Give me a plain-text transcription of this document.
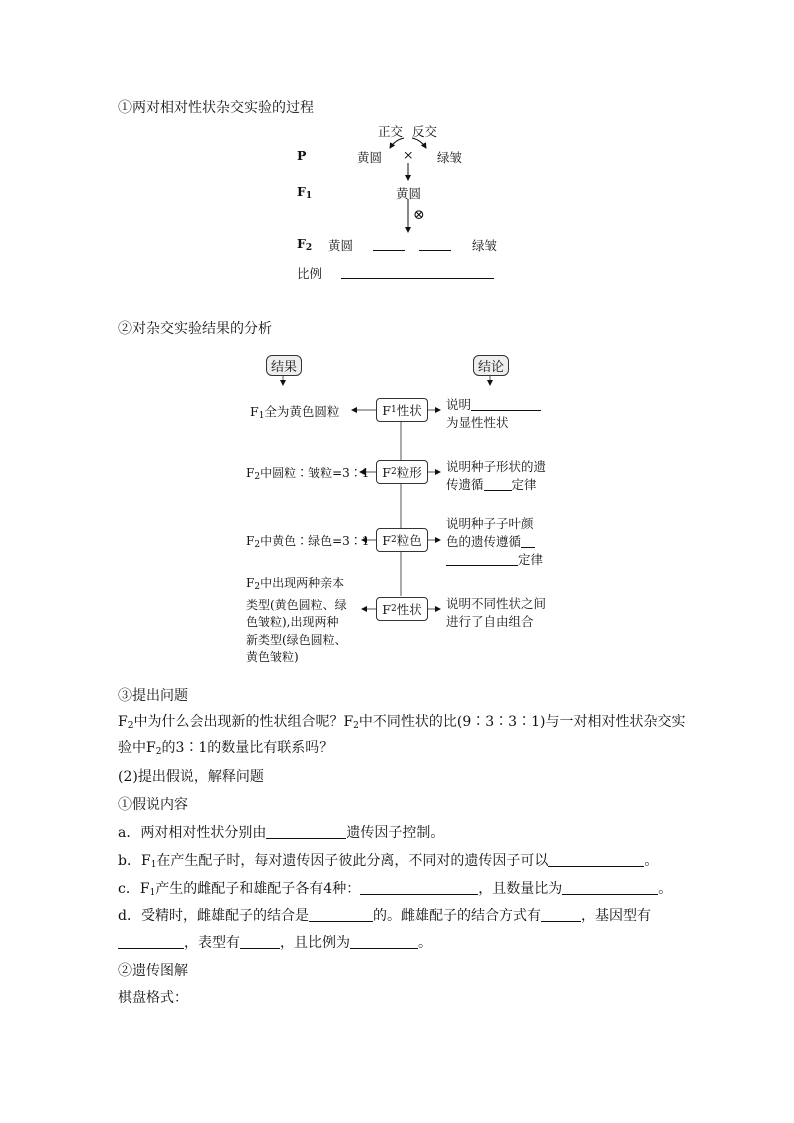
①两对相对性状杂交实验的过程
正交 反交
P	黄圆 × 绿皱
$F_1$	黄圆
⊗
$F_2$ 黄圆	绿皱
比例
②对杂交实验结果的分析
结果	结论
F 1 性状
F 2 粒形
F 2 粒色
F 2 性状
$F_1$全为黄色圆粒
$F_2$中圆粒∶皱粒=3∶1
$F_2$中黄色∶绿色=3∶1
$F_2$中出现两种亲本
类型(黄色圆粒、绿
色皱粒),出现两种
新类型(绿色圆粒、
黄色皱粒)
说明
为显性性状
说明种子形状的遗
传遗循 定律
说明种子子叶颜
色的遗传遵循
定律
说明不同性状之间
进行了自由组合
③提出问题
$F_2$中为什么会出现新的性状组合呢？$F_2$中不同性状的比(9∶3∶3∶1)与一对相对性状杂交实
验中$F_2$的3∶1的数量比有联系吗？
(2)提出假说，解释问题
①假说内容
a．两对相对性状分别由	遗传因子控制。
b．$F_1$在产生配子时，每对遗传因子彼此分离，不同对的遗传因子可以	。
c．$F_1$产生的雌配子和雄配子各有4种：	，且数量比为	。
d．受精时，雌雄配子的结合是	的。雌雄配子的结合方式有	，基因型有
，表型有	，且比例为	。
②遗传图解
棋盘格式：
